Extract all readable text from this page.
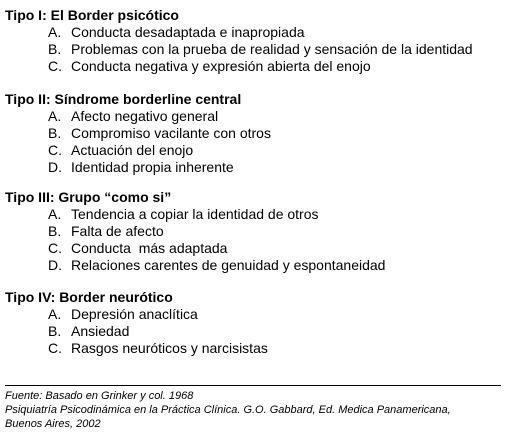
Tipo I: El Border psicótico
A. Conducta desadaptada e inapropiada
B. Problemas con la prueba de realidad y sensación de la identidad
C. Conducta negativa y expresión abierta del enojo
Tipo II: Síndrome borderline central
A. Afecto negativo general
B. Compromiso vacilante con otros
C. Actuación del enojo
D. Identidad propia inherente
Tipo III: Grupo “como si”
A. Tendencia a copiar la identidad de otros
B. Falta de afecto
C. Conducta  más adaptada
D. Relaciones carentes de genuidad y espontaneidad
Tipo IV: Border neurótico
A. Depresión anaclítica
B. Ansiedad
C. Rasgos neuróticos y narcisistas
Fuente: Basado en Grinker y col. 1968
Psiquiatría Psicodinámica en la Práctica Clínica. G.O. Gabbard, Ed. Medica Panamericana,
Buenos Aires, 2002
